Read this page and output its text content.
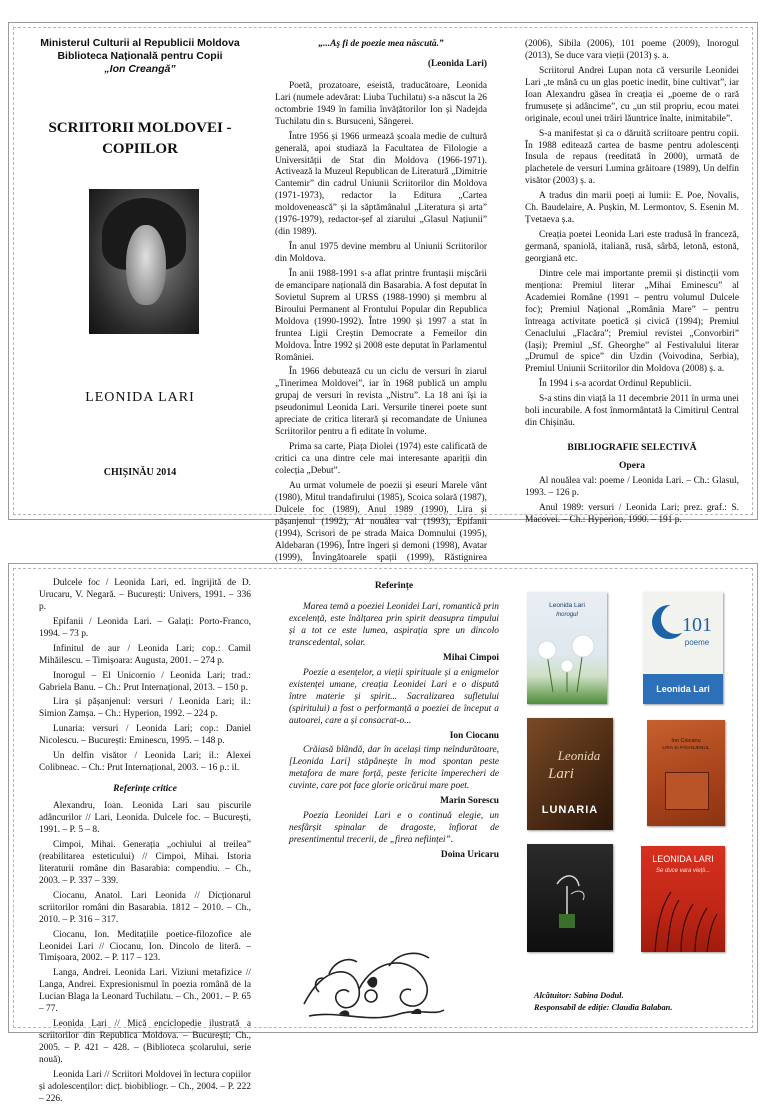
Ministerul Culturii al Republicii Moldova
Biblioteca Națională pentru Copii
„Ion Creangă”
SCRIITORII MOLDOVEI -
COPIILOR
LEONIDA LARI
CHIȘINĂU 2014

„...Aş fi de poezie mea născută.”

(Leonida Lari)

Poetă, prozatoare, eseistă, traducătoare, Leonida Lari (numele adevărat: Liuba Tuchilatu) s-a născut la 26 octombrie 1949 în familia învățătorilor Ion și Nadejda Tuchilatu din s. Bursuceni, Sângerei.

Între 1956 și 1966 urmează școala medie de cultură generală, apoi studiază la Facultatea de Filologie a Universității de Stat din Moldova (1966-1971). Activează la Muzeul Republican de Literatură „Dimitrie Cantemir” din cadrul Uniunii Scriitorilor din Moldova (1971-1973), redactor la Editura „Cartea moldovenească” și la săptămânalul „Literatura și arta” (1976-1979), redactor-șef al ziarului „Glasul Națiunii” (din 1989).

În anul 1975 devine membru al Uniunii Scriitorilor din Moldova.

În anii 1988-1991 s-a aflat printre fruntașii mișcării de emancipare națională din Basarabia. A fost deputat în Sovietul Suprem al URSS (1988-1990) și membru al Biroului Permanent al Frontului Popular din Republica Moldova (1990-1992). Între 1990 și 1997 a stat în fruntea Ligii Creștin Democrate a Femeilor din Moldova. Între 1992 și 2008 este deputat în Parlamentul României.

În 1966 debutează cu un ciclu de versuri în ziarul „Tinerimea Moldovei”, iar în 1968 publică un amplu grupaj de versuri în revista „Nistru”. La 18 ani își ia pseudonimul Leonida Lari. Versurile tinerei poete sunt apreciate de critica literară și recomandate de Uniunea Scriitorilor pentru a fi editate în volume.

Prima sa carte, Piața Diolei (1974) este calificată de critici ca una dintre cele mai interesante apariții din colecția „Debut”.

Au urmat volumele de poezii și eseuri Marele vânt (1980), Mitul trandafirului (1985), Scoica solară (1987), Dulcele foc (1989), Anul 1989 (1990), Lira și pășanjenul (1992), Al nouălea val (1993), Epifanii (1994), Scrisori de pe strada Maica Domnului (1995), Aldebaran (1996), Între îngeri și demoni (1998), Avatar (1999), Învingătoarele spații (1999), Răstignirea

(2006), Sibila (2006), 101 poeme (2009), Inorogul (2013), Se duce vara vieții (2013) ș. a.

Scriitorul Andrei Lupan nota că versurile Leonidei Lari „te mână cu un glas poetic inedit, bine cultivat”, iar Ioan Alexandru găsea în creația ei „poeme de o rară frumusețe și adâncime”, cu „un stil propriu, ecou matei originale, ecoul unei trăiri lăuntrice înalte, inimitabile”.

S-a manifestat și ca o dăruită scriitoare pentru copii. În 1988 editează cartea de basme pentru adolescenți Insula de repaus (reeditată în 2000), urmată de plachetele de versuri Lumina grăitoare (1989), Un delfin visător (2003) ș. a.

A tradus din marii poeți ai lumii: E. Poe, Novalis, Ch. Baudelaire, A. Pușkin, M. Lermontov, S. Esenin M. Țvetaeva ș.a.

Creația poetei Leonida Lari este tradusă în franceză, germană, spaniolă, italiană, rusă, sârbă, letonă, estonă, georgiană etc.

Dintre cele mai importante premii și distincții vom menționa: Premiul literar „Mihai Eminescu” al Academiei Române (1991 – pentru volumul Dulcele foc); Premiul Național „România Mare” – pentru întreaga activitate poetică și civică (1994); Premiul Cenaclului „Flacăra”; Premiul revistei „Convorbiri” (Iași); Premiul „Sf. Gheorghe” al Festivalului literar „Drumul de spice” din Uzdin (Voivodina, Serbia), Premiul Uniunii Scriitorilor din Moldova (2008) ș. a.

În 1994 i s-a acordat Ordinul Republicii.

S-a stins din viață la 11 decembrie 2011 în urma unei boli incurabile. A fost înmormântată la Cimitirul Central din Chișinău.

BIBLIOGRAFIE SELECTIVĂ
Opera

Al nouălea val: poeme / Leonida Lari. – Ch.: Glasul, 1993. – 126 p.

Anul 1989: versuri / Leonida Lari; prez. graf.: S. Macovei. – Ch.: Hyperion, 1990. – 191 p.

Dulcele foc / Leonida Lari, ed. îngrijită de D. Urucaru, V. Negară. – București: Univers, 1991. – 336 p.

Epifanii / Leonida Lari. – Galați: Porto-Franco, 1994. – 73 p.

Infinitul de aur / Leonida Lari; cop.: Camil Mihăilescu. – Timișoara: Augusta, 2001. – 274 p.

Inorogul – El Unicornio / Leonida Lari; trad.: Gabriela Banu. – Ch.: Prut Internațional, 2013. – 150 p.

Lira și pășanjenul: versuri / Leonida Lari; il.: Simion Zamșa. – Ch.: Hyperion, 1992. – 224 p.

Lunaria: versuri / Leonida Lari; cop.: Daniel Nicolescu. – București: Eminescu, 1995. – 148 p.

Un delfin visător / Leonida Lari; il.: Alexei Colibneac. – Ch.: Prut Internațional, 2003. – 16 p.: il.

Referințe critice

Alexandru, Ioan. Leonida Lari sau piscurile adâncurilor // Lari, Leonida. Dulcele foc. – București, 1991. – P. 5 – 8.

Cimpoi, Mihai. Generația „ochiului al treilea” (reabilitarea esteticului) // Cimpoi, Mihai. Istoria literaturii române din Basarabia: compendiu. – Ch., 2003. – P. 337 – 339.

Ciocanu, Anatol. Lari Leonida // Dicționarul scriitorilor români din Basarabia. 1812 – 2010. – Ch., 2010. – P. 316 – 317.

Ciocanu, Ion. Meditațiile poetice-filozofice ale Leonidei Lari // Ciocanu, Ion. Dincolo de literă. – Timișoara, 2002. – P. 117 – 123.

Langa, Andrei. Leonida Lari. Viziuni metafizice // Langa, Andrei. Expresionismul în poezia română de la Lucian Blaga la Leonard Tuchilatu. – Ch., 2001. – P. 65 – 77.

Leonida Lari // Mică enciclopedie ilustrată a scriitorilor din Republica Moldova. – București; Ch., 2005. – P. 421 – 428. – (Biblioteca școlarului, serie nouă).

Leonida Lari // Scriitori Moldovei în lectura copiilor și adolescenților: dicț. biobibliogr. – Ch., 2004. – P. 222 – 226.

Referințe

Marea temă a poeziei Leonidei Lari, romantică prin excelență, este înălțarea prin spirit deasupra timpului și a tot ce este lumea, aspirația spre un dincolo transcedental, solar.

Mihai Cimpoi

Poezie a esențelor, a vieții spirituale și a enigmelor existenței umane, creația Leonidei Lari e o dispută între materie și spirit... Sacralizarea sufletului (spiritului) a fost o performanță a poeziei de început a autoarei, care a și consacrat-o...

Ion Ciocanu

Crăiasă blândă, dar în același timp neîndurătoare, [Leonida Lari] stăpânește în mod spontan peste metafora de mare forță, peste fericite împerecheri de cuvinte, care pot face glorie oricărui mare poet.

Marin Sorescu

Poezia Leonidei Lari e o continuă elegie, un nesfârșit spinalar de dragoste, înfiorat de presentimentul trecerii, de „firea neființei”.

Doina Uricaru

Leonida Lari
Inorogul	101
poeme
Leonida Lari
Leonida
Lari
LUNARIA
Ion Ciocanu
LIRA ȘI PĂIANJENUL
LEONIDA LARI
Se duce vara vieții...
Alcătuitor: Sabina Dodul.
Responsabil de ediție: Claudia Balaban.
